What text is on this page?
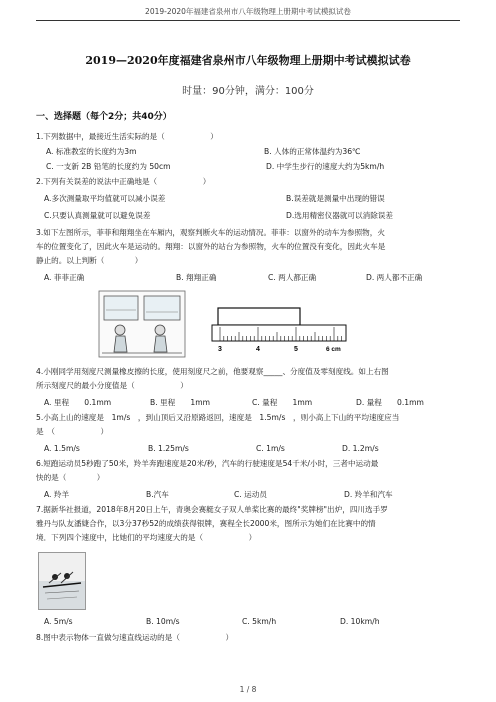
2019-2020年福建省泉州市八年级物理上册期中考试模拟试卷
2019—2020年度福建省泉州市八年级物理上册期中考试模拟试卷
时量：90分钟，满分：100分
一、选择题（每个2分；共40分）
1.下列数据中，最接近生活实际的是（　　　　　　）
A. 标准教室的长度约为3m	B. 人体的正常体温约为36℃
C. 一支新 2B 铅笔的长度约为 50cm	D. 中学生步行的速度大约为5km/h
2.下列有关误差的说法中正确地是（　　　　　　）
A.多次测量取平均值就可以减小误差	B.误差就是测量中出现的错误
C.只要认真测量就可以避免误差	D.选用精密仪器就可以消除误差
3.如下左图所示，菲菲和翔翔坐在车厢内，观察判断火车的运动情况。菲菲：以窗外的动车为参照物，火
车的位置变化了，因此火车是运动的。翔翔：以窗外的站台为参照物，火车的位置没有变化，因此火车是
静止的。以上判断（　　　　）
A. 菲菲正确	B. 翔翔正确	C. 两人都正确	D. 两人都不正确
3	4	5	6 cm
4.小刚同学用刻度尺测量橡皮擦的长度，使用刻度尺之前，他要观察_____、分度值及零刻度线。如上右图
所示刻度尺的最小分度值是（　　　　　　）
A. 里程　　0.1mm	B. 里程　　1mm	C. 量程　　1mm	D. 量程　　0.1mm
5.小高上山的速度是　1m/s　，到山顶后又沿原路返回，速度是　1.5m/s　，则小高上下山的平均速度应当
是　（　　　　　　）
A. 1.5m/s	B. 1.25m/s	C. 1m/s	D. 1.2m/s
6.短跑运动员5秒跑了50米，羚羊奔跑速度是20米/秒，汽车的行驶速度是54千米/小时，三者中运动最
快的是（　　　　）
A. 羚羊	B.汽车	C. 运动员	D. 羚羊和汽车
7.据新华社报道，2018年8月20日上午，青奥会赛艇女子双人单桨比赛的最终"奖牌榜"出炉，四川选手罗
雅丹与队友潘婕合作，以3分37秒52的成绩获得银牌，赛程全长2000米，图所示为她们在比赛中的情
境．下列四个速度中，比她们的平均速度大的是（　　　　　　）
A. 5m/s	B. 10m/s	C. 5km/h	D. 10km/h
8.图中表示物体一直做匀速直线运动的是（　　　　　　）
1 / 8
